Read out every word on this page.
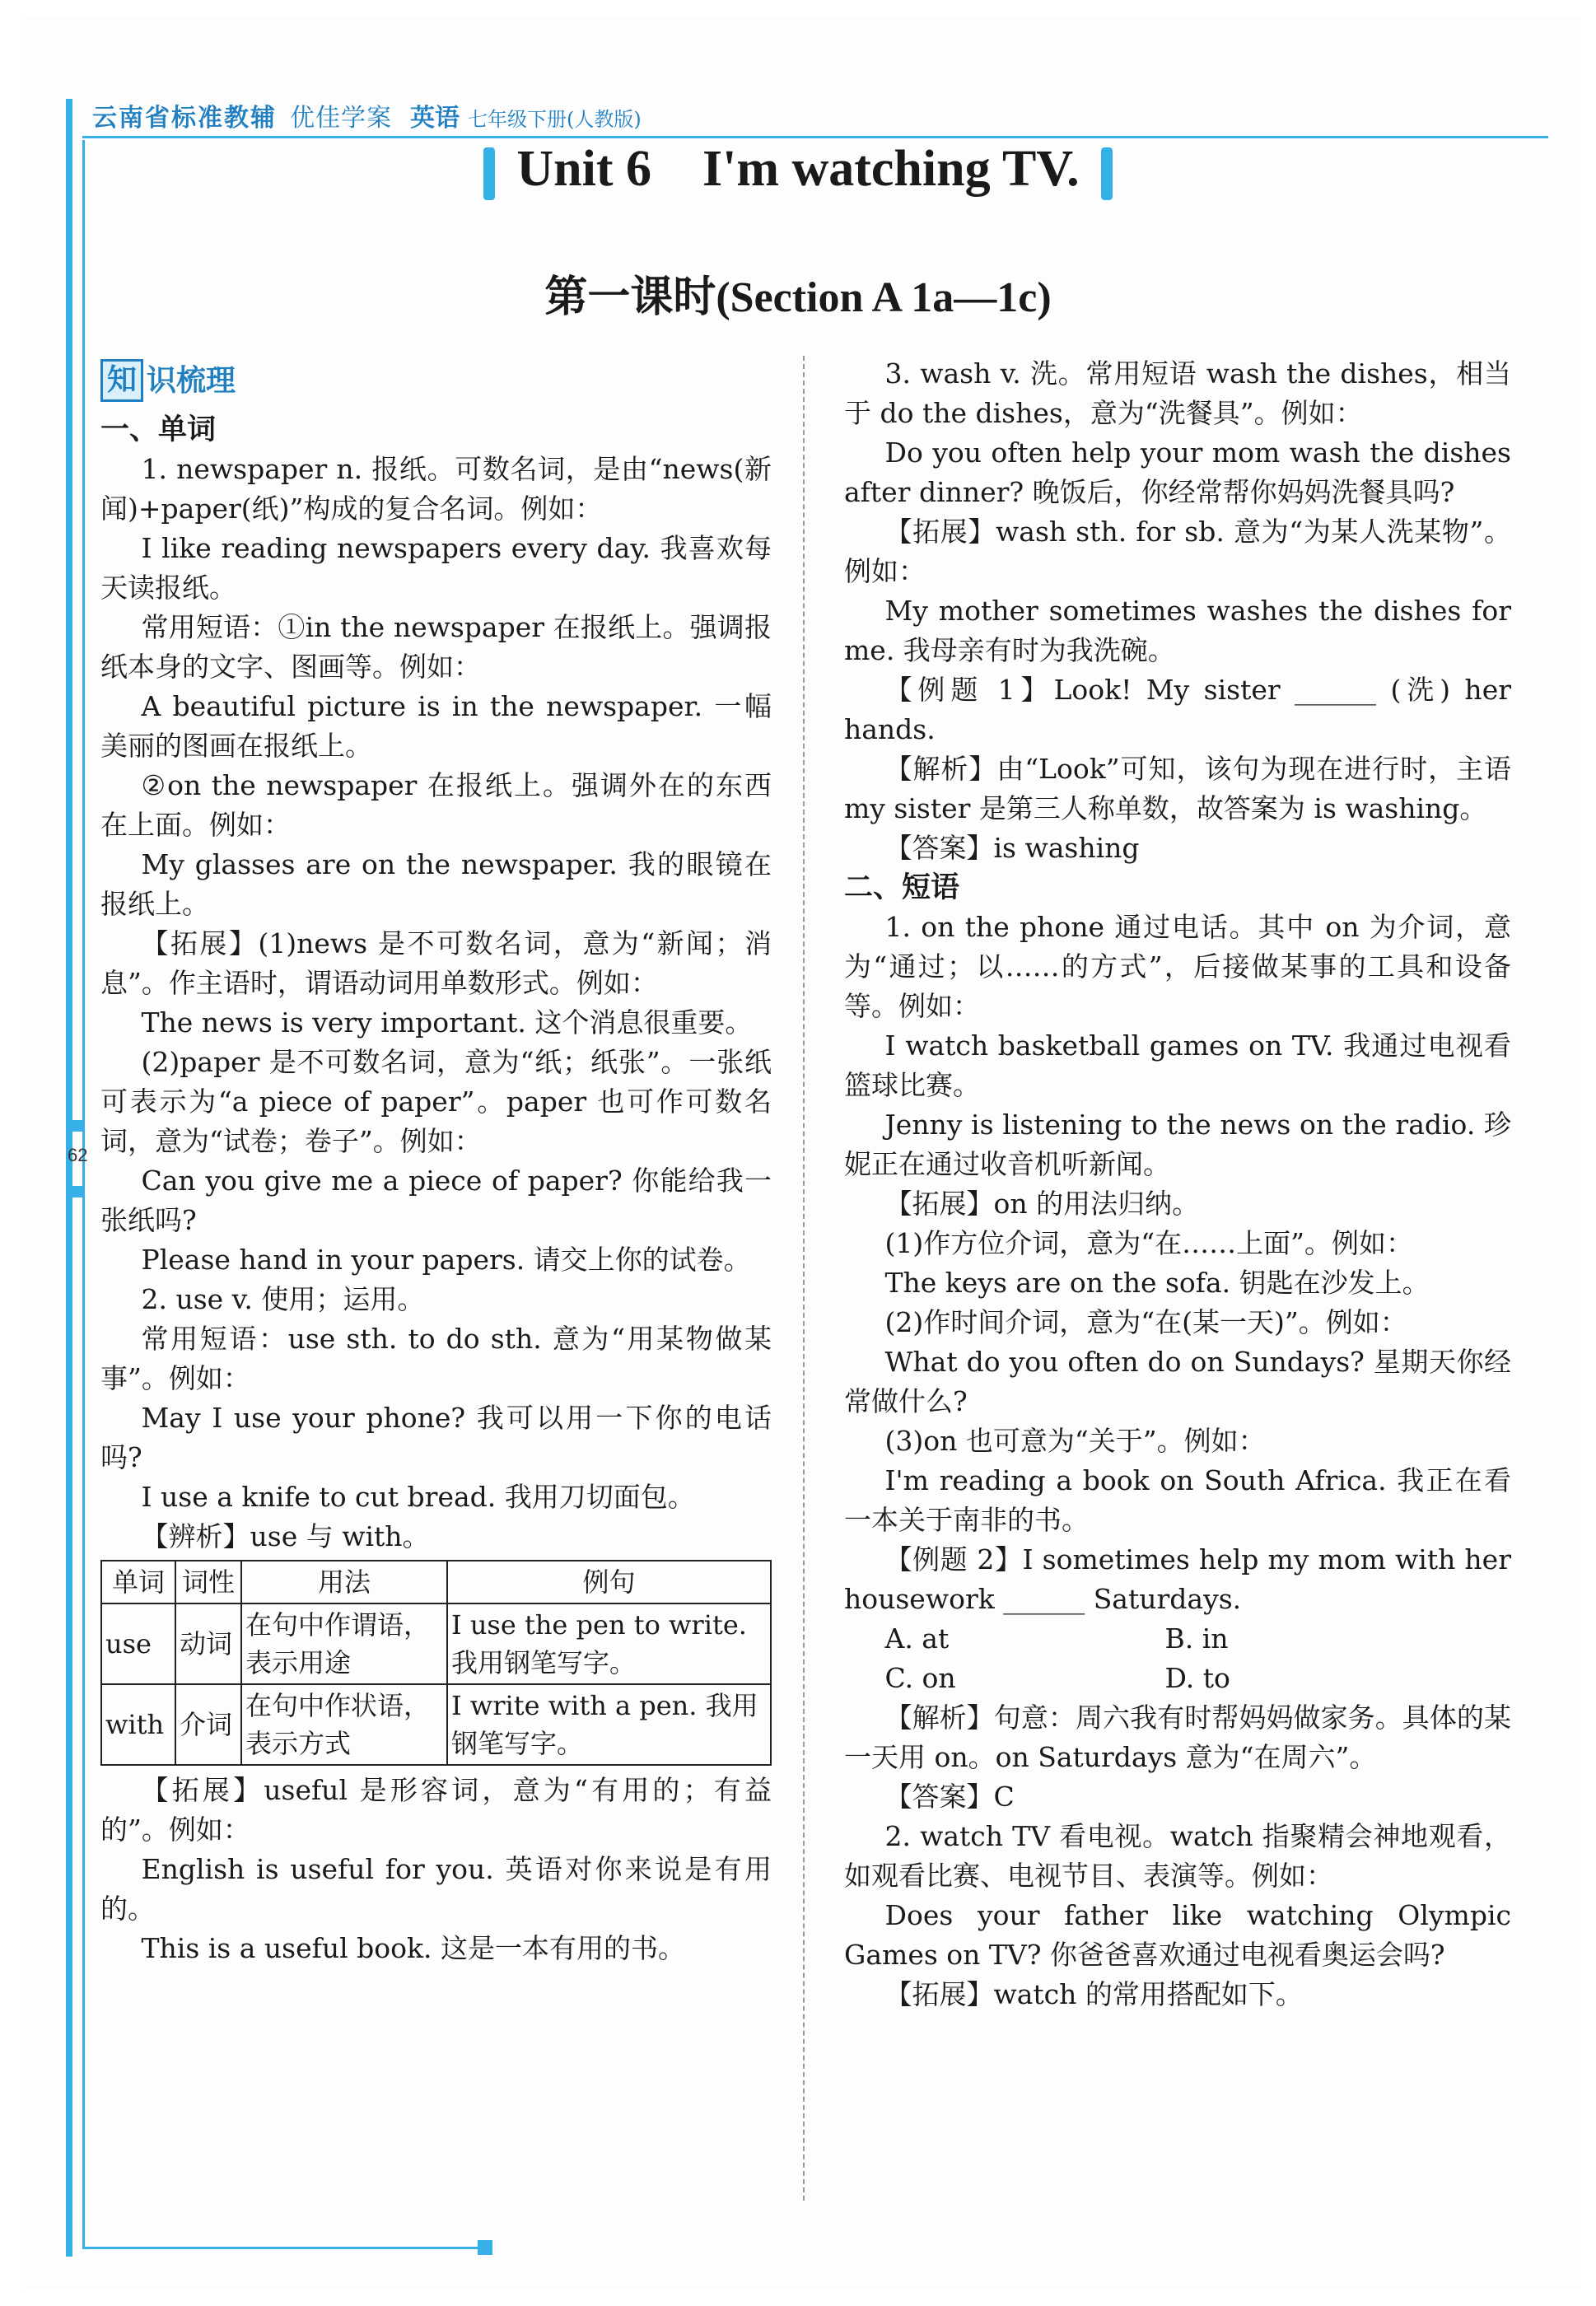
62
云南省标准教辅 优佳学案 英语 七年级下册(人教版)
Unit 6    I'm watching TV.
第一课时(Section A 1a—1c)
知 识梳理

一、单词

1. newspaper n. 报纸。可数名词，是由“news(新闻)+paper(纸)”构成的复合名词。例如：

I like reading newspapers every day. 我喜欢每天读报纸。

常用短语：①in the newspaper 在报纸上。强调报纸本身的文字、图画等。例如：

A beautiful picture is in the newspaper. 一幅美丽的图画在报纸上。

②on the newspaper 在报纸上。强调外在的东西在上面。例如：

My glasses are on the newspaper. 我的眼镜在报纸上。

【拓展】(1)news 是不可数名词，意为“新闻；消息”。作主语时，谓语动词用单数形式。例如：

The news is very important. 这个消息很重要。

(2)paper 是不可数名词，意为“纸；纸张”。一张纸可表示为“a piece of paper”。paper 也可作可数名词，意为“试卷；卷子”。例如：

Can you give me a piece of paper? 你能给我一张纸吗?

Please hand in your papers. 请交上你的试卷。

2. use v. 使用；运用。

常用短语：use sth. to do sth. 意为“用某物做某事”。例如：

May I use your phone? 我可以用一下你的电话吗?

I use a knife to cut bread. 我用刀切面包。

【辨析】use 与 with。

单词	词性	用法	例句
use	动词	在句中作谓语，表示用途	I use the pen to write. 我用钢笔写字。
with	介词	在句中作状语，表示方式	I write with a pen. 我用钢笔写字。

【拓展】useful 是形容词，意为“有用的；有益的”。例如：

English is useful for you. 英语对你来说是有用的。

This is a useful book. 这是一本有用的书。

3. wash v. 洗。常用短语 wash the dishes，相当于 do the dishes，意为“洗餐具”。例如：

Do you often help your mom wash the dishes after dinner? 晚饭后，你经常帮你妈妈洗餐具吗?

【拓展】wash sth. for sb. 意为“为某人洗某物”。例如：

My mother sometimes washes the dishes for me. 我母亲有时为我洗碗。

【例题 1】Look! My sister ______ (洗) her hands.

【解析】由“Look”可知，该句为现在进行时，主语 my sister 是第三人称单数，故答案为 is washing。

【答案】is washing

二、短语

1. on the phone 通过电话。其中 on 为介词，意为“通过；以……的方式”，后接做某事的工具和设备等。例如：

I watch basketball games on TV. 我通过电视看篮球比赛。

Jenny is listening to the news on the radio. 珍妮正在通过收音机听新闻。

【拓展】on 的用法归纳。

(1)作方位介词，意为“在……上面”。例如：

The keys are on the sofa. 钥匙在沙发上。

(2)作时间介词，意为“在(某一天)”。例如：

What do you often do on Sundays? 星期天你经常做什么?

(3)on 也可意为“关于”。例如：

I'm reading a book on South Africa. 我正在看一本关于南非的书。

【例题 2】I sometimes help my mom with her housework ______ Saturdays.

A. at	B. in
C. on	D. to

【解析】句意：周六我有时帮妈妈做家务。具体的某一天用 on。on Saturdays 意为“在周六”。

【答案】C

2. watch TV 看电视。watch 指聚精会神地观看，如观看比赛、电视节目、表演等。例如：

Does your father like watching Olympic Games on TV? 你爸爸喜欢通过电视看奥运会吗?

【拓展】watch 的常用搭配如下。
